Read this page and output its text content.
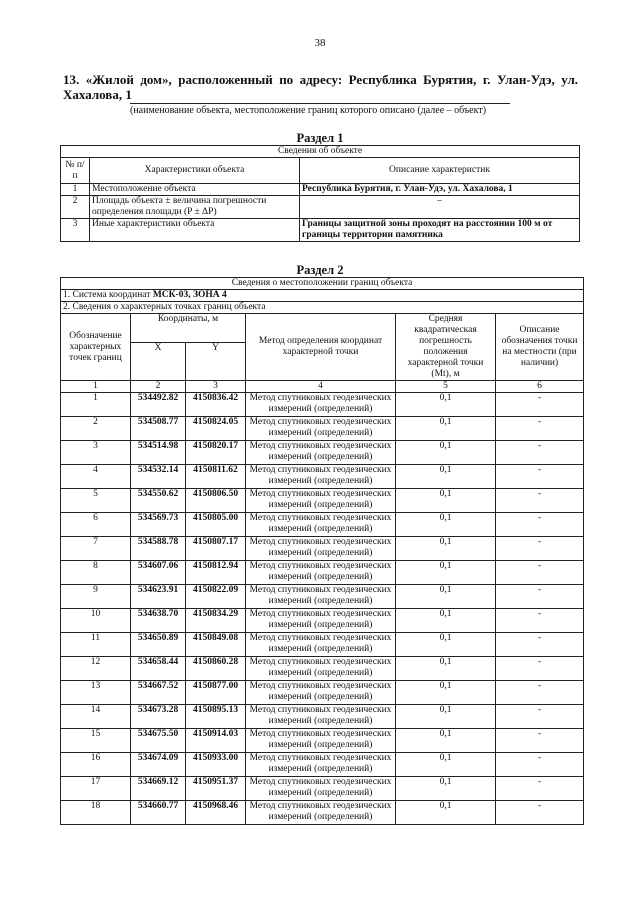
38
13. «Жилой дом», расположенный по адресу: Республика Бурятия, г. Улан-Удэ, ул. Хахалова, 1
(наименование объекта, местоположение границ которого описано (далее – объект)
Раздел 1
Сведения об объекте		
№ п/п	Характеристики объекта	Описание характеристик
1	Местоположение объекта	Республика Бурятия, г. Улан-Удэ, ул. Хахалова, 1
2	Площадь объекта ± величина погрешности определения площади (P ± ΔP)	–
3	Иные характеристики объекта	Границы защитной зоны проходят на расстоянии 100 м от границы территории памятника
Раздел 2
Сведения о местоположении границ объекта					
1. Система координат МСК-03, ЗОНА 4					
2. Сведения о характерных точках границ объекта					
Обозначение характерных точек границ	Координаты, м		Метод определения координат характерной точки	Средняя квадратическая погрешность положения характерной точки (Mt), м	Описание обозначения точки на местности (при наличии)
	X	Y			
1	2	3	4	5	6
1	534492.82	4150836.42	Метод спутниковых геодезических измерений (определений)	0,1	-
2	534508.77	4150824.05	Метод спутниковых геодезических измерений (определений)	0,1	-
3	534514.98	4150820.17	Метод спутниковых геодезических измерений (определений)	0,1	-
4	534532.14	4150811.62	Метод спутниковых геодезических измерений (определений)	0,1	-
5	534550.62	4150806.50	Метод спутниковых геодезических измерений (определений)	0,1	-
6	534569.73	4150805.00	Метод спутниковых геодезических измерений (определений)	0,1	-
7	534588.78	4150807.17	Метод спутниковых геодезических измерений (определений)	0,1	-
8	534607.06	4150812.94	Метод спутниковых геодезических измерений (определений)	0,1	-
9	534623.91	4150822.09	Метод спутниковых геодезических измерений (определений)	0,1	-
10	534638.70	4150834.29	Метод спутниковых геодезических измерений (определений)	0,1	-
11	534650.89	4150849.08	Метод спутниковых геодезических измерений (определений)	0,1	-
12	534658.44	4150860.28	Метод спутниковых геодезических измерений (определений)	0,1	-
13	534667.52	4150877.00	Метод спутниковых геодезических измерений (определений)	0,1	-
14	534673.28	4150895.13	Метод спутниковых геодезических измерений (определений)	0,1	-
15	534675.50	4150914.03	Метод спутниковых геодезических измерений (определений)	0,1	-
16	534674.09	4150933.00	Метод спутниковых геодезических измерений (определений)	0,1	-
17	534669.12	4150951.37	Метод спутниковых геодезических измерений (определений)	0,1	-
18	534660.77	4150968.46	Метод спутниковых геодезических измерений (определений)	0,1	-
